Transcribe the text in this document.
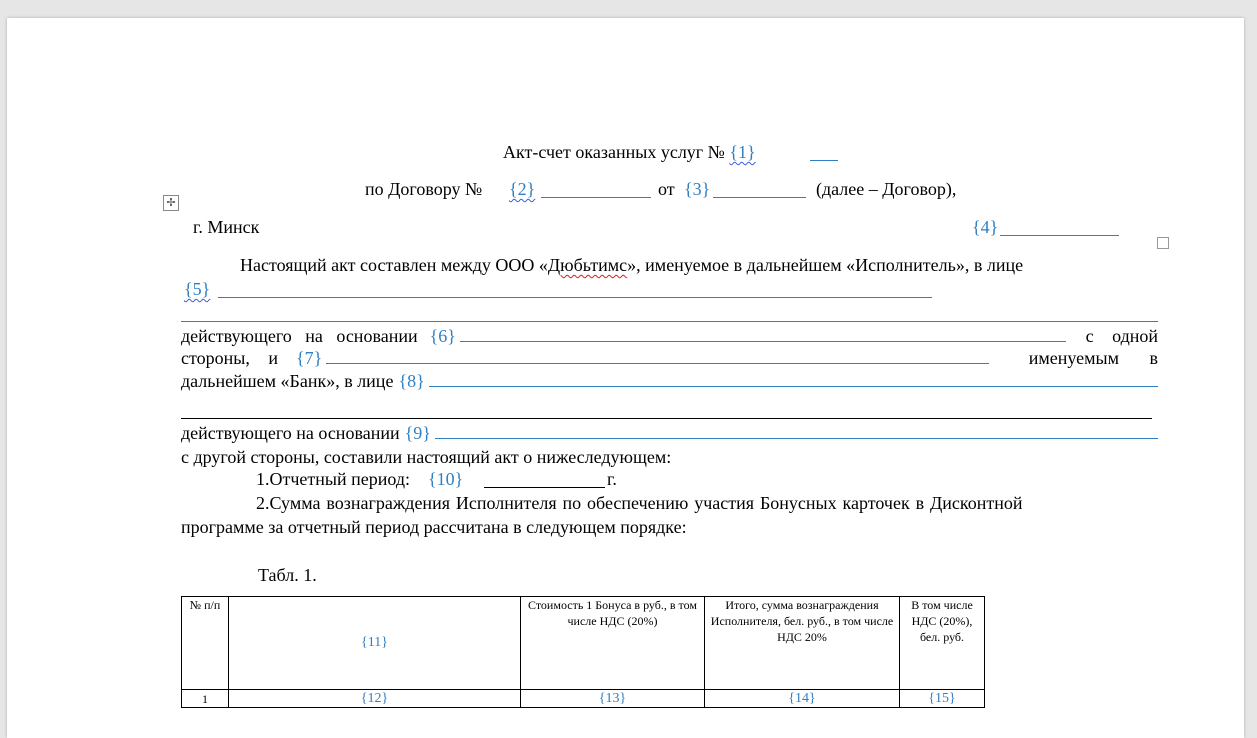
Акт-счет оказанных услуг № {1}
по Договору № {2}	от {3}	(далее – Договор),
✢
г. Минск	{4}
Настоящий акт составлен между ООО «Дюбьтимс», именуемое в дальнейшем «Исполнитель», в лице
{5}
действующего на основании {6}	с одной
стороны, и {7}	именуемым в
дальнейшем «Банк», в лице {8}
действующего на основании {9}
с другой стороны, составили настоящий акт о нижеследующем:
1.Отчетный период: {10}	г.
2.Сумма вознаграждения Исполнителя по обеспечению участия Бонусных карточек в Дисконтной
программе за отчетный период рассчитана в следующем порядке:
Табл. 1.
№ п/п	{11}	Стоимость 1 Бонуса в руб., в том числе НДС (20%)	Итого, сумма вознаграждения Исполнителя, бел. руб., в том числе НДС 20%	В том числе НДС (20%), бел. руб.
1	{12}	{13}	{14}	{15}
